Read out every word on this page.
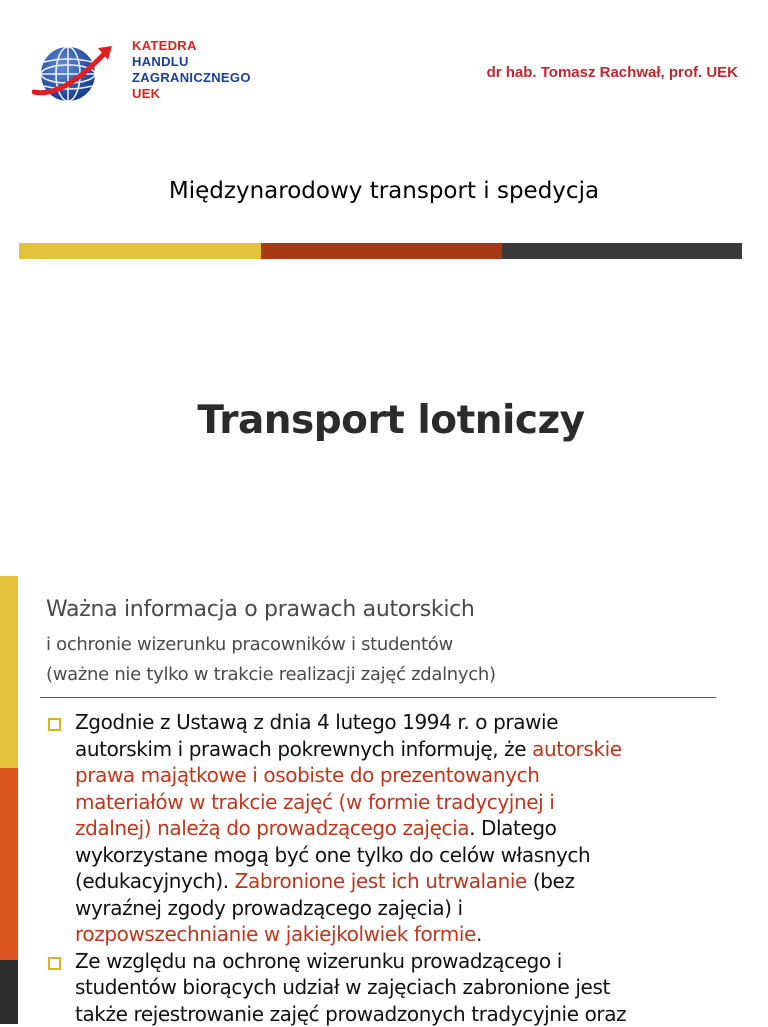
KATEDRA
HANDLU
ZAGRANICZNEGO
UEK
dr hab. Tomasz Rachwał, prof. UEK
Międzynarodowy transport i spedycja
Transport lotniczy
Ważna informacja o prawach autorskich
i ochronie wizerunku pracowników i studentów
(ważne nie tylko w trakcie realizacji zajęć zdalnych)
Zgodnie z Ustawą z dnia 4 lutego 1994 r. o prawie
autorskim i prawach pokrewnych informuję, że autorskie
prawa majątkowe i osobiste do prezentowanych
materiałów w trakcie zajęć (w formie tradycyjnej i
zdalnej) należą do prowadzącego zajęcia. Dlatego
wykorzystane mogą być one tylko do celów własnych
(edukacyjnych). Zabronione jest ich utrwalanie (bez
wyraźnej zgody prowadzącego zajęcia) i
rozpowszechnianie w jakiejkolwiek formie.
Ze względu na ochronę wizerunku prowadzącego i
studentów biorących udział w zajęciach zabronione jest
także rejestrowanie zajęć prowadzonych tradycyjnie oraz
